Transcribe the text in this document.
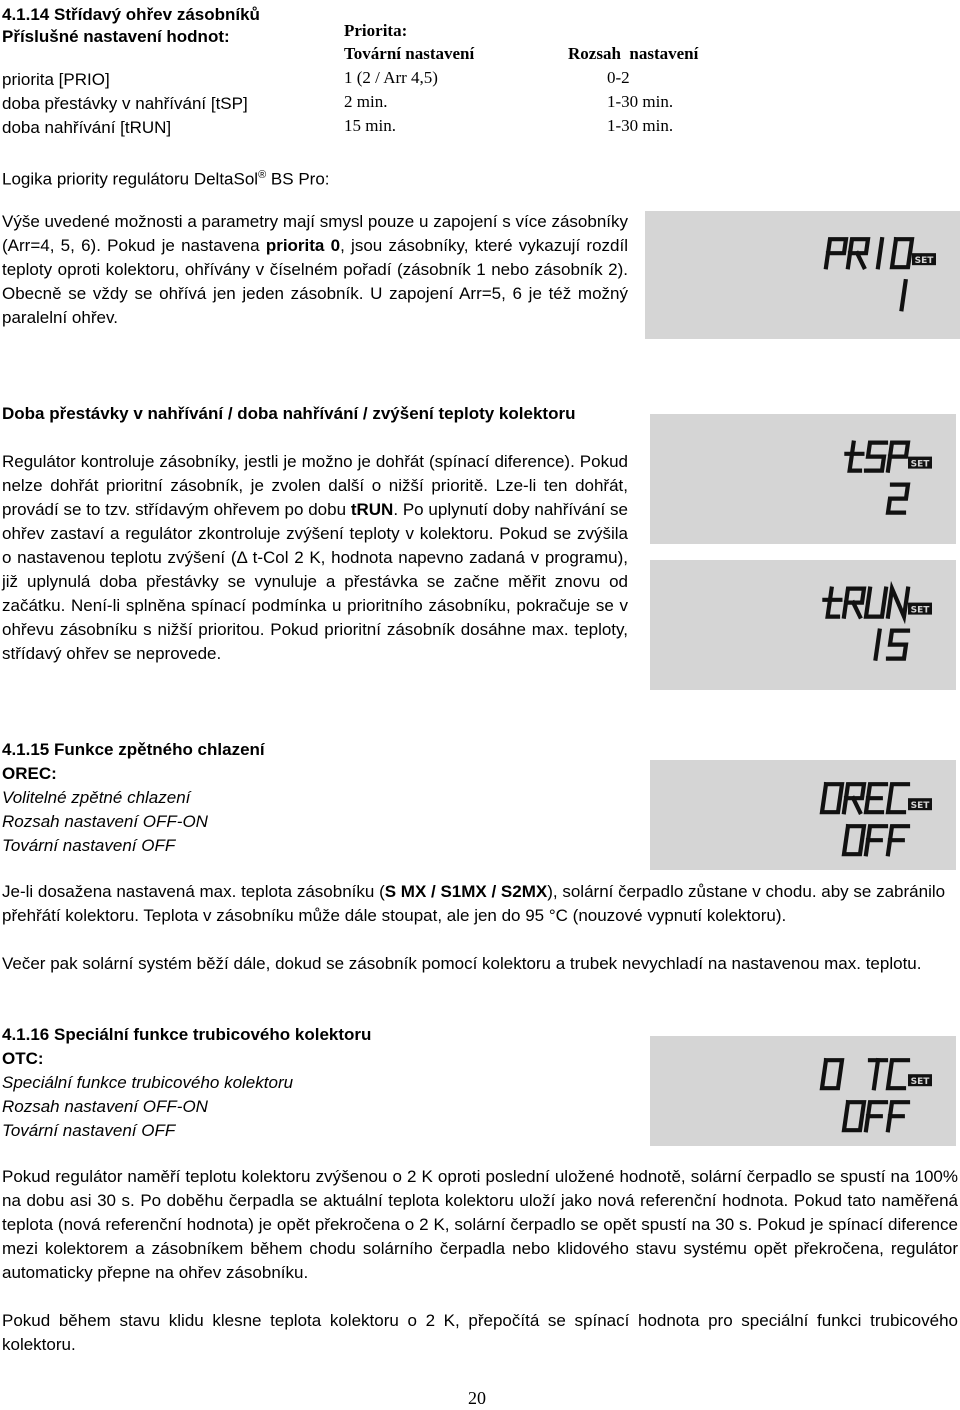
4.1.14 Střídavý ohřev zásobníků
Příslušné nastavení hodnot:	Priorita:
Tovární nastavení	Rozsah  nastavení
priorita [PRIO]	1 (2 / Arr 4,5)	0-2
doba přestávky v nahřívání [tSP]	2 min.	1-30 min.
doba nahřívání [tRUN]	15 min.	1-30 min.
Logika priority regulátoru DeltaSol® BS Pro:

Výše uvedené možnosti a parametry mají smysl pouze u zapojení s více zásobníky (Arr=4, 5, 6). Pokud je nastavena priorita 0, jsou zásobníky, které vykazují rozdíl teploty oproti kolektoru, ohřívány v číselném pořadí (zásobník 1 nebo zásobník 2). Obecně se vždy se ohřívá jen jeden zásobník. U zapojení Arr=5, 6 je též možný paralelní ohřev.

Doba přestávky v nahřívání / doba nahřívání / zvýšení teploty kolektoru

Regulátor kontroluje zásobníky, jestli je možno je dohřát (spínací diference). Pokud nelze dohřát prioritní zásobník, je zvolen další o nižší prioritě. Lze-li ten dohřát, provádí se to tzv. střídavým ohřevem po dobu tRUN. Po uplynutí doby nahřívání se ohřev zastaví a regulátor zkontroluje zvýšení teploty v kolektoru. Pokud se zvýšila o nastavenou teplotu zvýšení (Δ t-Col 2 K, hodnota napevno zadaná v programu), již uplynulá doba přestávky se vynuluje a přestávka se začne měřit znovu od začátku. Není-li splněna spínací podmínka u prioritního zásobníku, pokračuje se v ohřevu zásobníku s nižší prioritou. Pokud prioritní zásobník dosáhne max. teploty, střídavý ohřev se neprovede.

4.1.15 Funkce zpětného chlazení
OREC:
Volitelné zpětné chlazení
Rozsah nastavení OFF-ON
Tovární nastavení OFF

Je-li dosažena nastavená max. teplota zásobníku (S MX / S1MX / S2MX), solární čerpadlo zůstane v chodu. aby se zabránilo přehřátí kolektoru. Teplota v zásobníku může dále stoupat, ale jen do 95 °C (nouzové vypnutí kolektoru).

Večer pak solární systém běží dále, dokud se zásobník pomocí kolektoru a trubek nevychladí na nastavenou max. teplotu.

4.1.16 Speciální funkce trubicového kolektoru
OTC:
Speciální funkce trubicového kolektoru
Rozsah nastavení OFF-ON
Tovární nastavení OFF

Pokud regulátor naměří teplotu kolektoru zvýšenou o 2 K oproti poslední uložené hodnotě, solární čerpadlo se spustí na 100% na dobu asi 30 s. Po doběhu čerpadla se aktuální teplota kolektoru uloží jako nová referenční hodnota. Pokud tato naměřená teplota (nová referenční hodnota) je opět překročena o 2 K, solární čerpadlo se opět spustí na 30 s. Pokud je spínací diference mezi kolektorem a zásobníkem během chodu solárního čerpadla nebo klidového stavu systému opět překročena, regulátor automaticky přepne na ohřev zásobníku.

Pokud během stavu klidu klesne teplota kolektoru o 2 K, přepočítá se spínací hodnota pro speciální funkci trubicového kolektoru.

20
SET
SET
SET
SET
SET
